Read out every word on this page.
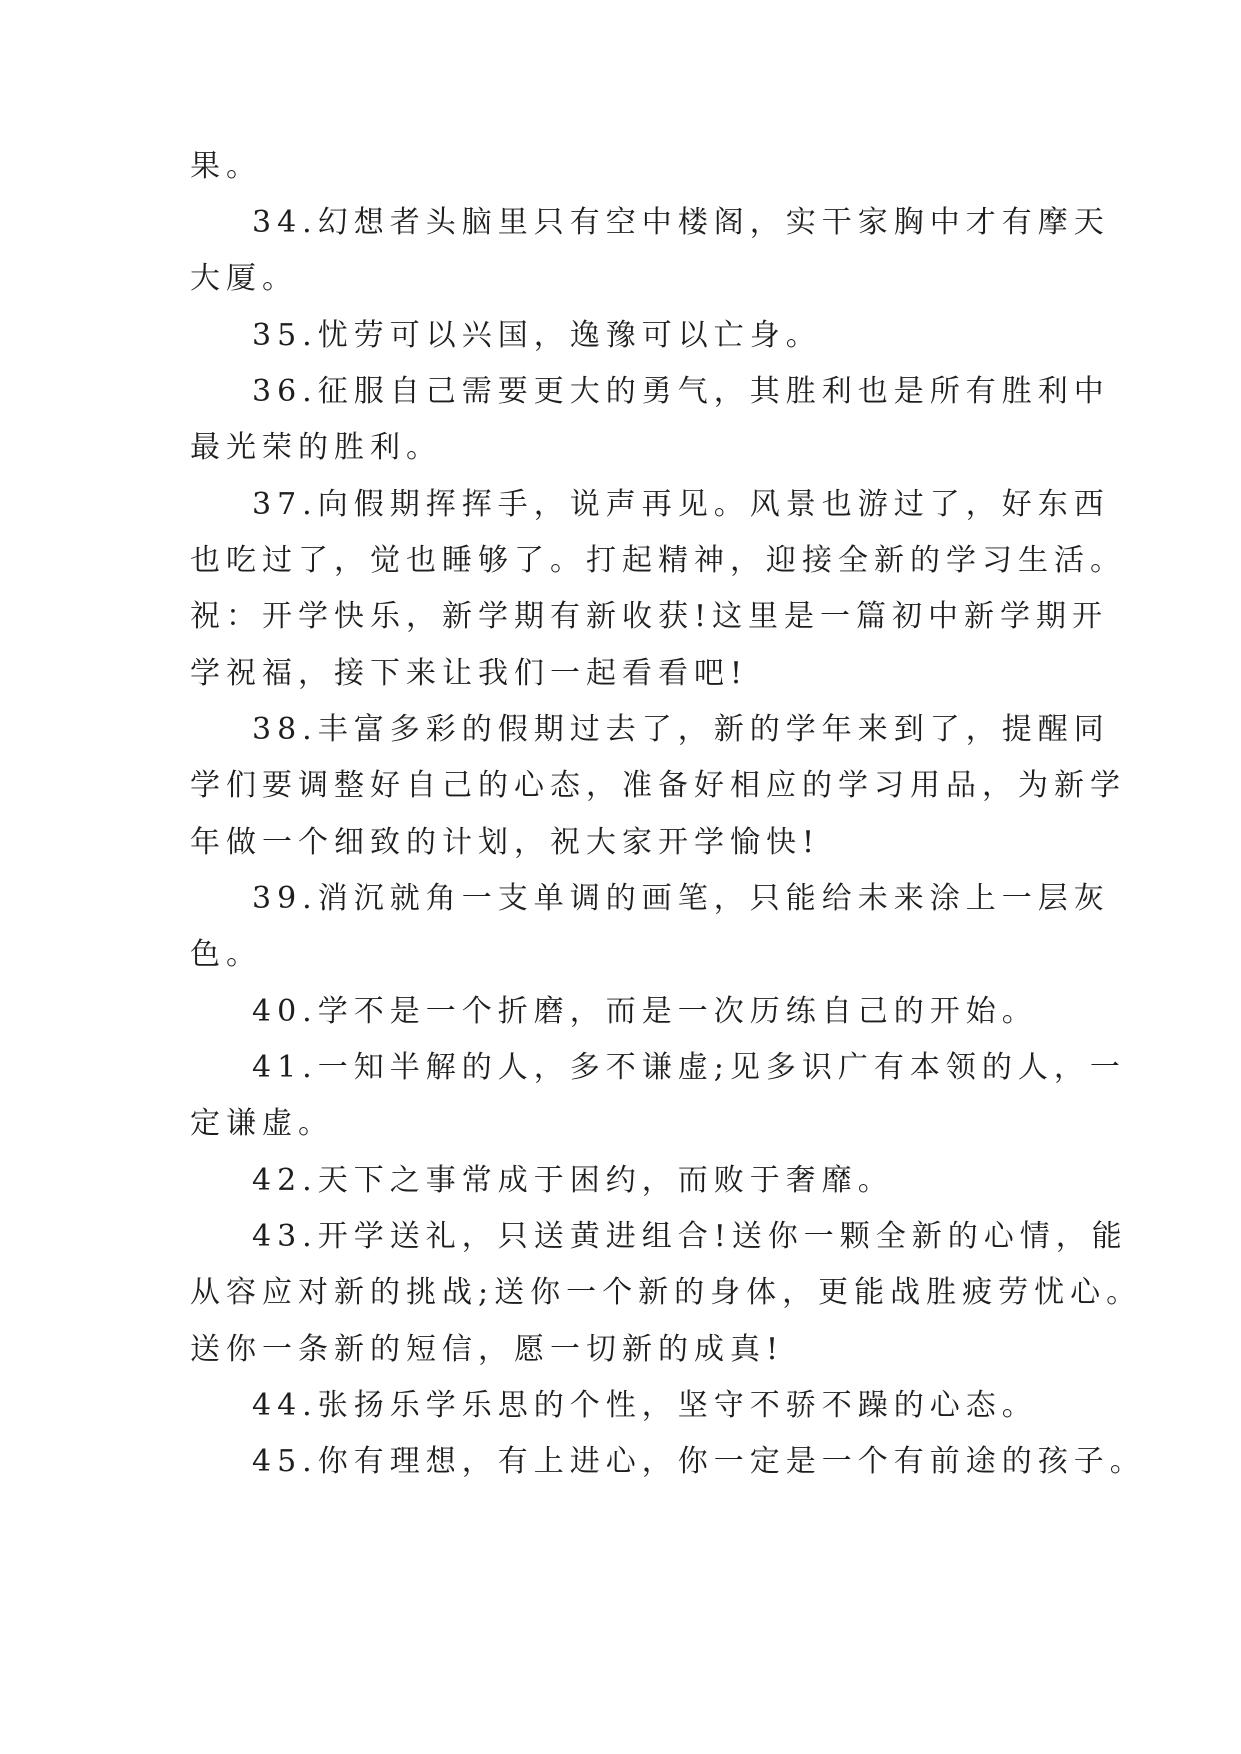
果。

34.幻想者头脑里只有空中楼阁，实干家胸中才有摩天

大厦。

35.忧劳可以兴国，逸豫可以亡身。

36.征服自己需要更大的勇气，其胜利也是所有胜利中

最光荣的胜利。

37.向假期挥挥手，说声再见。风景也游过了，好东西

也吃过了，觉也睡够了。打起精神，迎接全新的学习生活。

祝：开学快乐，新学期有新收获!这里是一篇初中新学期开

学祝福，接下来让我们一起看看吧!

38.丰富多彩的假期过去了，新的学年来到了，提醒同

学们要调整好自己的心态，准备好相应的学习用品，为新学

年做一个细致的计划，祝大家开学愉快!

39.消沉就角一支单调的画笔，只能给未来涂上一层灰

色。

40.学不是一个折磨，而是一次历练自己的开始。

41.一知半解的人，多不谦虚;见多识广有本领的人，一

定谦虚。

42.天下之事常成于困约，而败于奢靡。

43.开学送礼，只送黄进组合!送你一颗全新的心情，能

从容应对新的挑战;送你一个新的身体，更能战胜疲劳忧心。

送你一条新的短信，愿一切新的成真!

44.张扬乐学乐思的个性，坚守不骄不躁的心态。

45.你有理想，有上进心，你一定是一个有前途的孩子。
